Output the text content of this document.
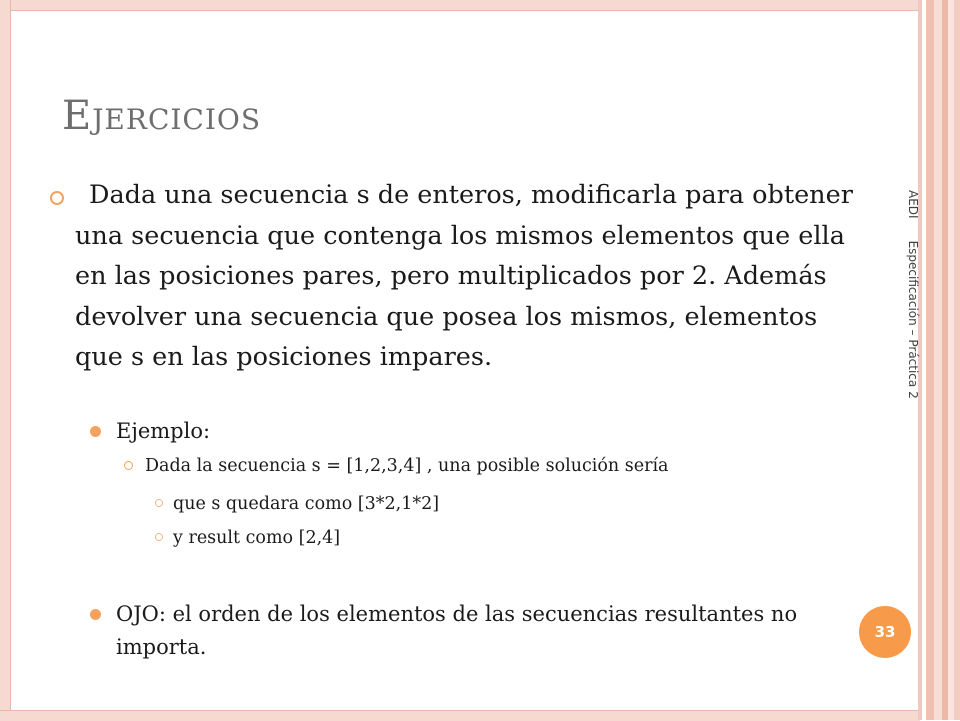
Ejercicios
AEDIEspecificación – Práctica 2
33

Dada una secuencia s de enteros, modificarla para obtener una secuencia que contenga los mismos elementos que ella en las posiciones pares, pero multiplicados por 2. Además devolver una secuencia que posea los mismos, elementos que s en las posiciones impares.

Ejemplo:

Dada la secuencia s = [1,2,3,4] , una posible solución sería

que s quedara como [3*2,1*2]

y result como [2,4]

OJO: el orden de los elementos de las secuencias resultantes no importa.
